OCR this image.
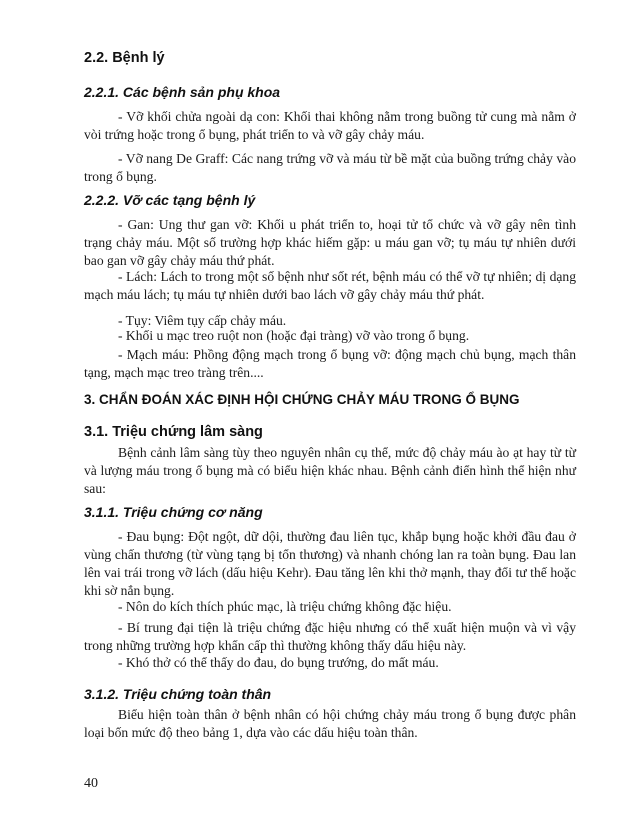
2.2. Bệnh lý
2.2.1. Các bệnh sản phụ khoa

- Vỡ khối chửa ngoài dạ con: Khối thai không nằm trong buồng tử cung mà nằm ở vòi trứng hoặc trong ổ bụng, phát triển to và vỡ gây chảy máu.

- Vỡ nang De Graff: Các nang trứng vỡ và máu từ bề mặt của buồng trứng chảy vào trong ổ bụng.

2.2.2. Vỡ các tạng bệnh lý

- Gan: Ung thư gan vỡ: Khối u phát triển to, hoại tử tổ chức và vỡ gây nên tình trạng chảy máu. Một số trường hợp khác hiếm gặp: u máu gan vỡ; tụ máu tự nhiên dưới bao gan vỡ gây chảy máu thứ phát.

- Lách: Lách to trong một số bệnh như sốt rét, bệnh máu có thể vỡ tự nhiên; dị dạng mạch máu lách; tụ máu tự nhiên dưới bao lách vỡ gây chảy máu thứ phát.

- Tụy: Viêm tụy cấp chảy máu.

- Khối u mạc treo ruột non (hoặc đại tràng) vỡ vào trong ổ bụng.

- Mạch máu: Phồng động mạch trong ổ bụng vỡ: động mạch chủ bụng, mạch thân tạng, mạch mạc treo tràng trên....

3. CHẨN ĐOÁN XÁC ĐỊNH HỘI CHỨNG CHẢY MÁU TRONG Ổ BỤNG
3.1. Triệu chứng lâm sàng

Bệnh cảnh lâm sàng tùy theo nguyên nhân cụ thể, mức độ chảy máu ào ạt hay từ từ và lượng máu trong ổ bụng mà có biểu hiện khác nhau. Bệnh cảnh điển hình thể hiện như sau:

3.1.1. Triệu chứng cơ năng

- Đau bụng: Đột ngột, dữ dội, thường đau liên tục, khắp bụng hoặc khởi đầu đau ở vùng chấn thương (từ vùng tạng bị tổn thương) và nhanh chóng lan ra toàn bụng. Đau lan lên vai trái trong vỡ lách (dấu hiệu Kehr). Đau tăng lên khi thở mạnh, thay đổi tư thế hoặc khi sờ nắn bụng.

- Nôn do kích thích phúc mạc, là triệu chứng không đặc hiệu.

- Bí trung đại tiện là triệu chứng đặc hiệu nhưng có thể xuất hiện muộn và vì vậy trong những trường hợp khẩn cấp thì thường không thấy dấu hiệu này.

- Khó thở có thể thấy do đau, do bụng trướng, do mất máu.

3.1.2. Triệu chứng toàn thân

Biểu hiện toàn thân ở bệnh nhân có hội chứng chảy máu trong ổ bụng được phân loại bốn mức độ theo bảng 1, dựa vào các dấu hiệu toàn thân.

40
